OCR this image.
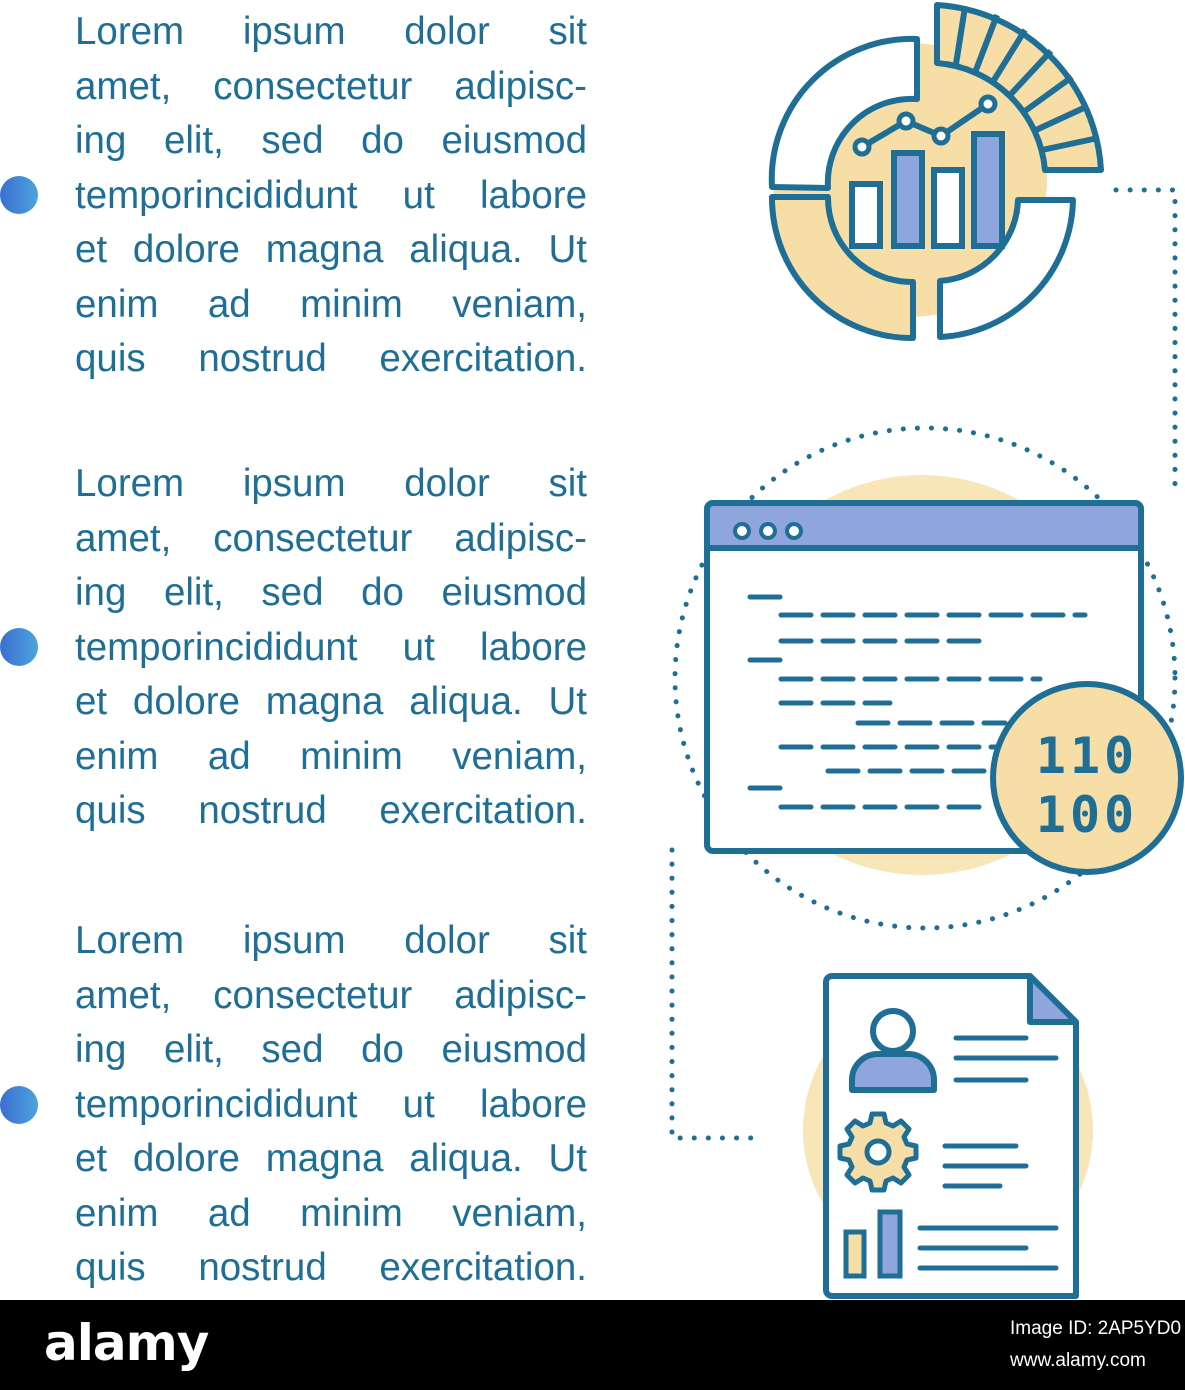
Lorem ipsum dolor sit
amet, consectetur adipisc-
ing elit, sed do eiusmod
temporincididunt ut labore
et dolore magna aliqua. Ut
enim ad minim veniam,
quis nostrud exercitation.
Lorem ipsum dolor sit
amet, consectetur adipisc-
ing elit, sed do eiusmod
temporincididunt ut labore
et dolore magna aliqua. Ut
enim ad minim veniam,
quis nostrud exercitation.
Lorem ipsum dolor sit
amet, consectetur adipisc-
ing elit, sed do eiusmod
temporincididunt ut labore
et dolore magna aliqua. Ut
enim ad minim veniam,
quis nostrud exercitation.
110
100
alamy	Image ID: 2AP5YD0
www.alamy.com
